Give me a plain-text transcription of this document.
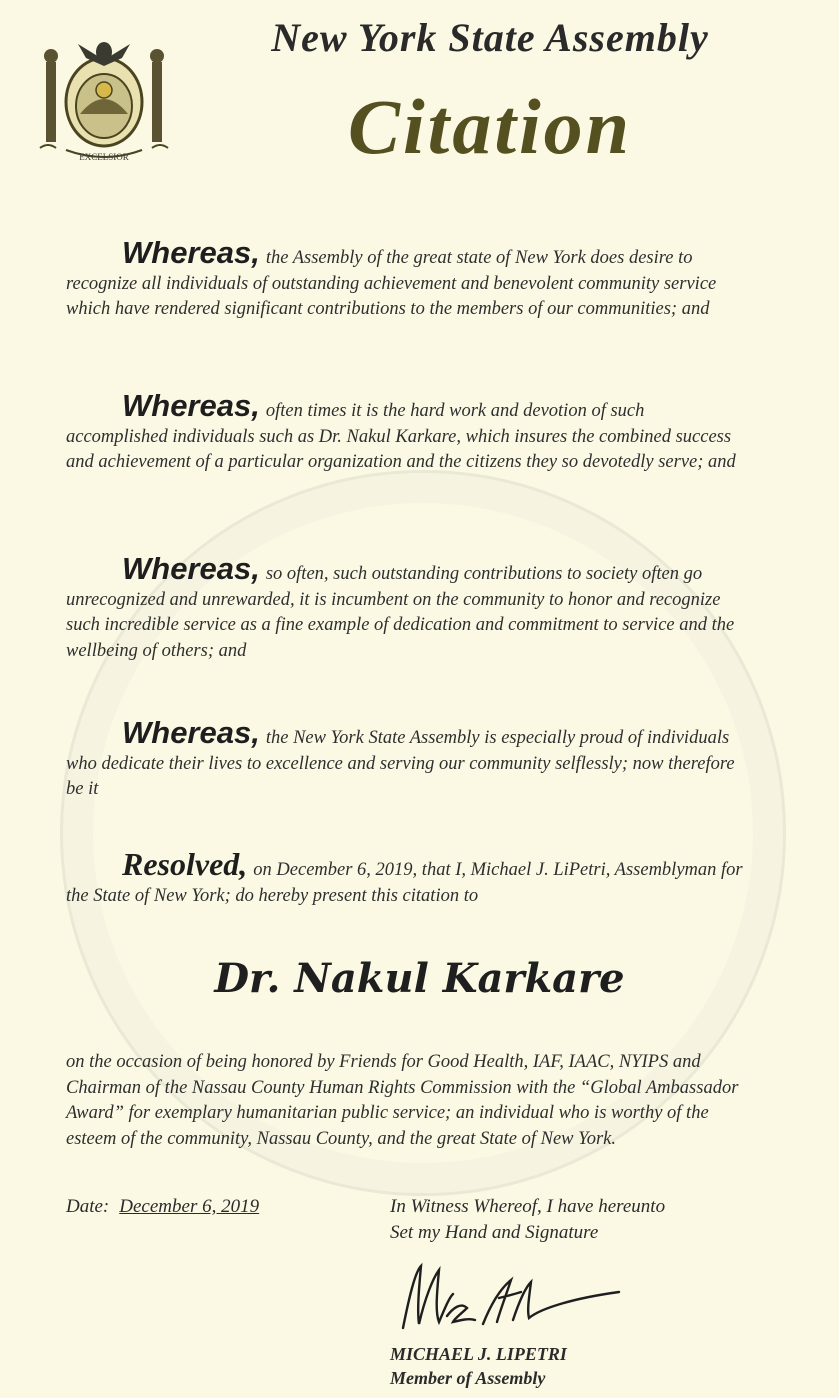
EXCELSIOR
New York State Assembly
Citation
Whereas, the Assembly of the great state of New York does desire to recognize all individuals of outstanding achievement and benevolent community service which have rendered significant contributions to the members of our communities; and
Whereas, often times it is the hard work and devotion of such accomplished individuals such as Dr. Nakul Karkare, which insures the combined success and achievement of a particular organization and the citizens they so devotedly serve; and
Whereas, so often, such outstanding contributions to society often go unrecognized and unrewarded, it is incumbent on the community to honor and recognize such incredible service as a fine example of dedication and commitment to service and the wellbeing of others; and
Whereas, the New York State Assembly is especially proud of individuals who dedicate their lives to excellence and serving our community selflessly; now therefore be it
Resolved, on December 6, 2019, that I, Michael J. LiPetri, Assemblyman for the State of New York; do hereby present this citation to
Dr. Nakul Karkare
on the occasion of being honored by Friends for Good Health, IAF, IAAC, NYIPS and Chairman of the Nassau County Human Rights Commission with the “Global Ambassador Award” for exemplary humanitarian public service; an individual who is worthy of the esteem of the community, Nassau County, and the great State of New York.
Date: December 6, 2019	In Witness Whereof, I have hereunto
Set my Hand and Signature
MICHAEL J. LIPETRI
Member of Assembly
